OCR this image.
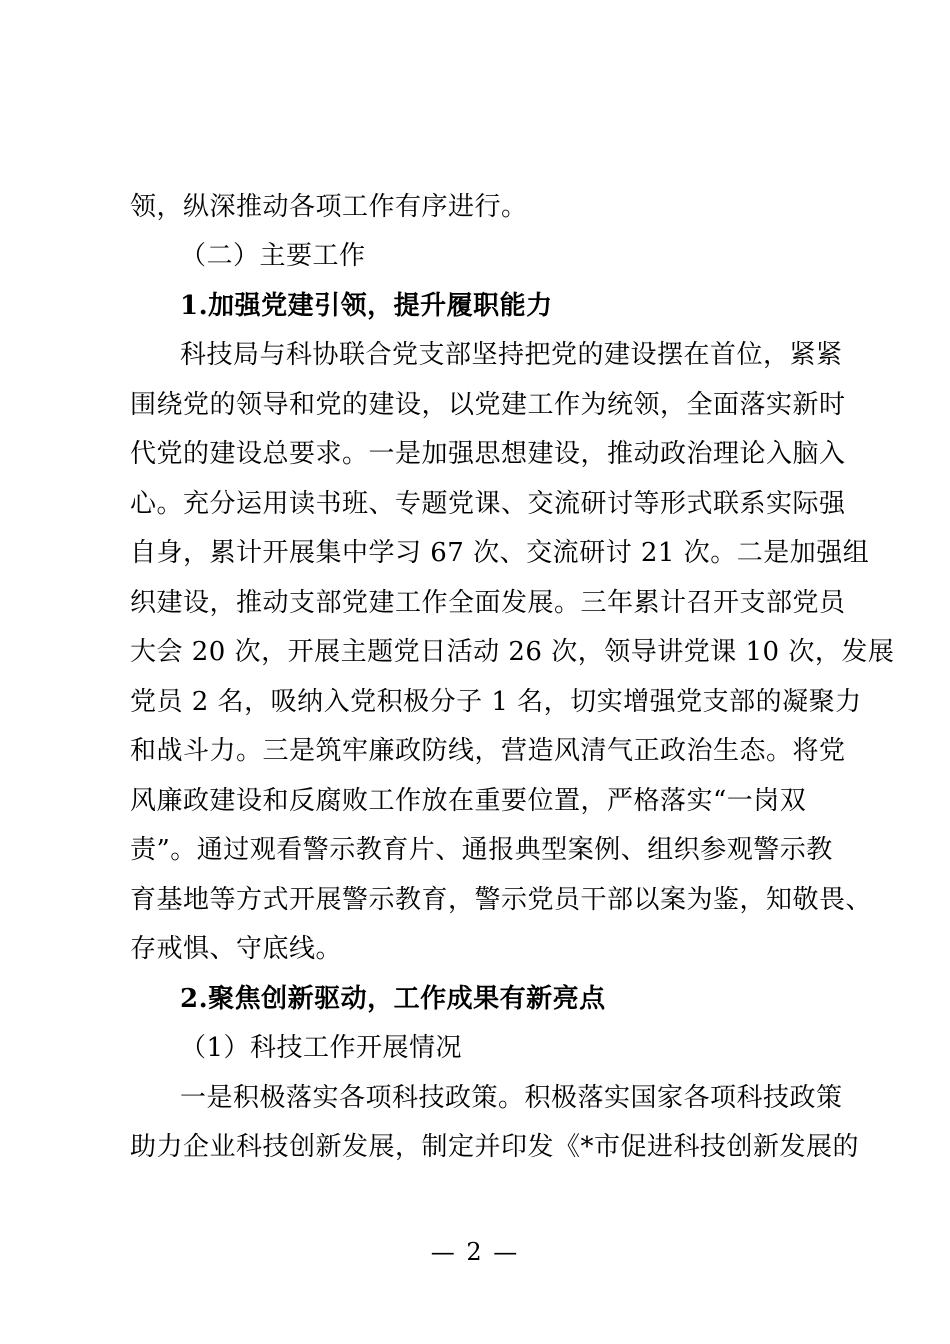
领，纵深推动各项工作有序进行。
（二）主要工作
1.加强党建引领，提升履职能力
科技局与科协联合党支部坚持把党的建设摆在首位，紧紧
围绕党的领导和党的建设，以党建工作为统领，全面落实新时
代党的建设总要求。一是加强思想建设，推动政治理论入脑入
心。充分运用读书班、专题党课、交流研讨等形式联系实际强
自身，累计开展集中学习 67 次、交流研讨 21 次。二是加强组
织建设，推动支部党建工作全面发展。三年累计召开支部党员
大会 20 次，开展主题党日活动 26 次，领导讲党课 10 次，发展
党员 2 名，吸纳入党积极分子 1 名，切实增强党支部的凝聚力
和战斗力。三是筑牢廉政防线，营造风清气正政治生态。将党
风廉政建设和反腐败工作放在重要位置，严格落实“一岗双
责”。通过观看警示教育片、通报典型案例、组织参观警示教
育基地等方式开展警示教育，警示党员干部以案为鉴，知敬畏、
存戒惧、守底线。
2.聚焦创新驱动，工作成果有新亮点
（1）科技工作开展情况
一是积极落实各项科技政策。积极落实国家各项科技政策
助力企业科技创新发展，制定并印发《*市促进科技创新发展的
— 2 —
